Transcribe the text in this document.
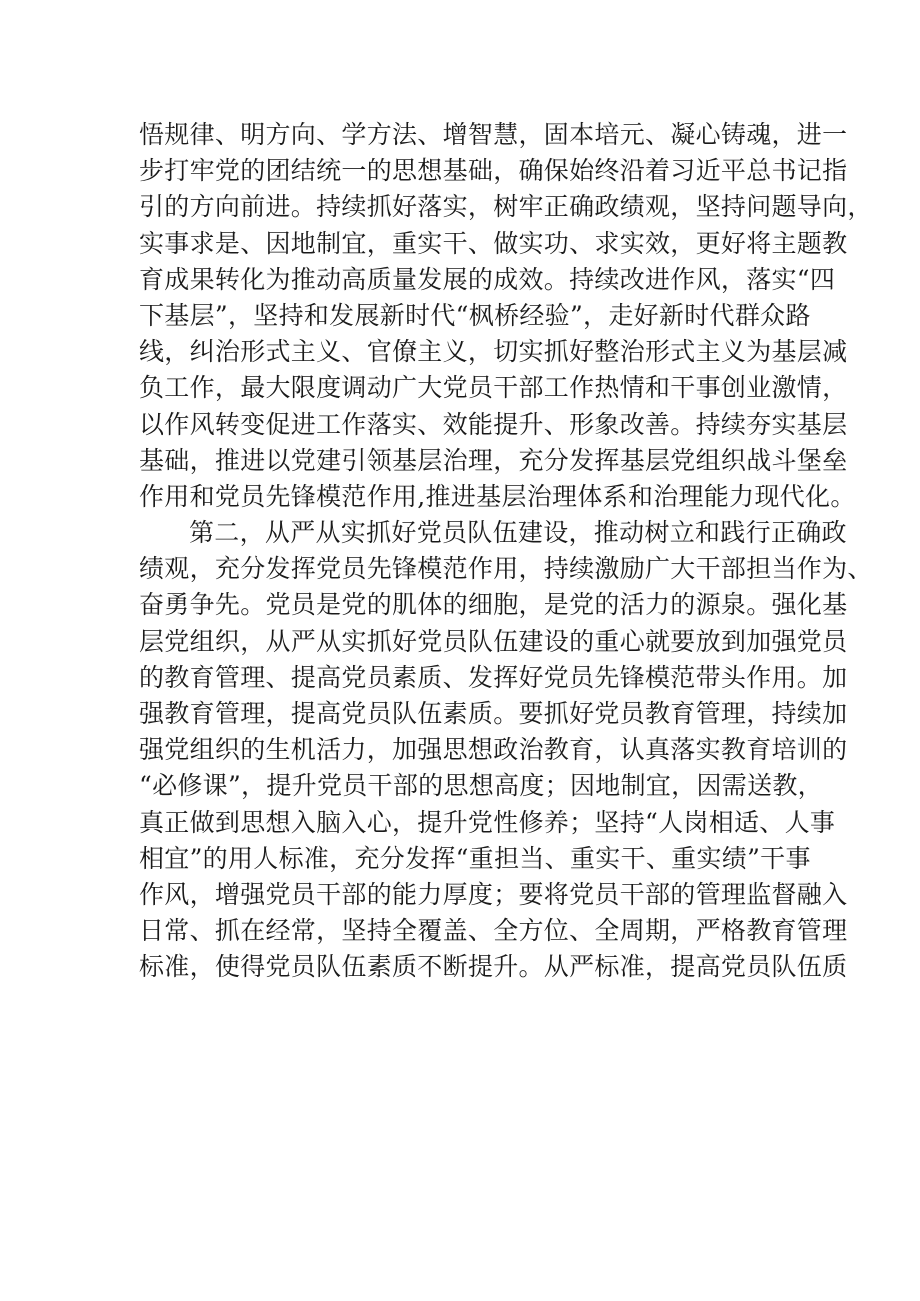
悟规律、明方向、学方法、增智慧，固本培元、凝心铸魂，进一
步打牢党的团结统一的思想基础，确保始终沿着习近平总书记指
引的方向前进。持续抓好落实，树牢正确政绩观，坚持问题导向，
实事求是、因地制宜，重实干、做实功、求实效，更好将主题教
育成果转化为推动高质量发展的成效。持续改进作风，落实“四
下基层”，坚持和发展新时代“枫桥经验”，走好新时代群众路
线，纠治形式主义、官僚主义，切实抓好整治形式主义为基层减
负工作，最大限度调动广大党员干部工作热情和干事创业激情，
以作风转变促进工作落实、效能提升、形象改善。持续夯实基层
基础，推进以党建引领基层治理，充分发挥基层党组织战斗堡垒
作用和党员先锋模范作用,推进基层治理体系和治理能力现代化。
第二，从严从实抓好党员队伍建设，推动树立和践行正确政
绩观，充分发挥党员先锋模范作用，持续激励广大干部担当作为、
奋勇争先。党员是党的肌体的细胞，是党的活力的源泉。强化基
层党组织，从严从实抓好党员队伍建设的重心就要放到加强党员
的教育管理、提高党员素质、发挥好党员先锋模范带头作用。加
强教育管理，提高党员队伍素质。要抓好党员教育管理，持续加
强党组织的生机活力，加强思想政治教育，认真落实教育培训的
“必修课”，提升党员干部的思想高度；因地制宜，因需送教，
真正做到思想入脑入心，提升党性修养；坚持“人岗相适、人事
相宜”的用人标准，充分发挥“重担当、重实干、重实绩”干事
作风，增强党员干部的能力厚度；要将党员干部的管理监督融入
日常、抓在经常，坚持全覆盖、全方位、全周期，严格教育管理
标准，使得党员队伍素质不断提升。从严标准，提高党员队伍质
